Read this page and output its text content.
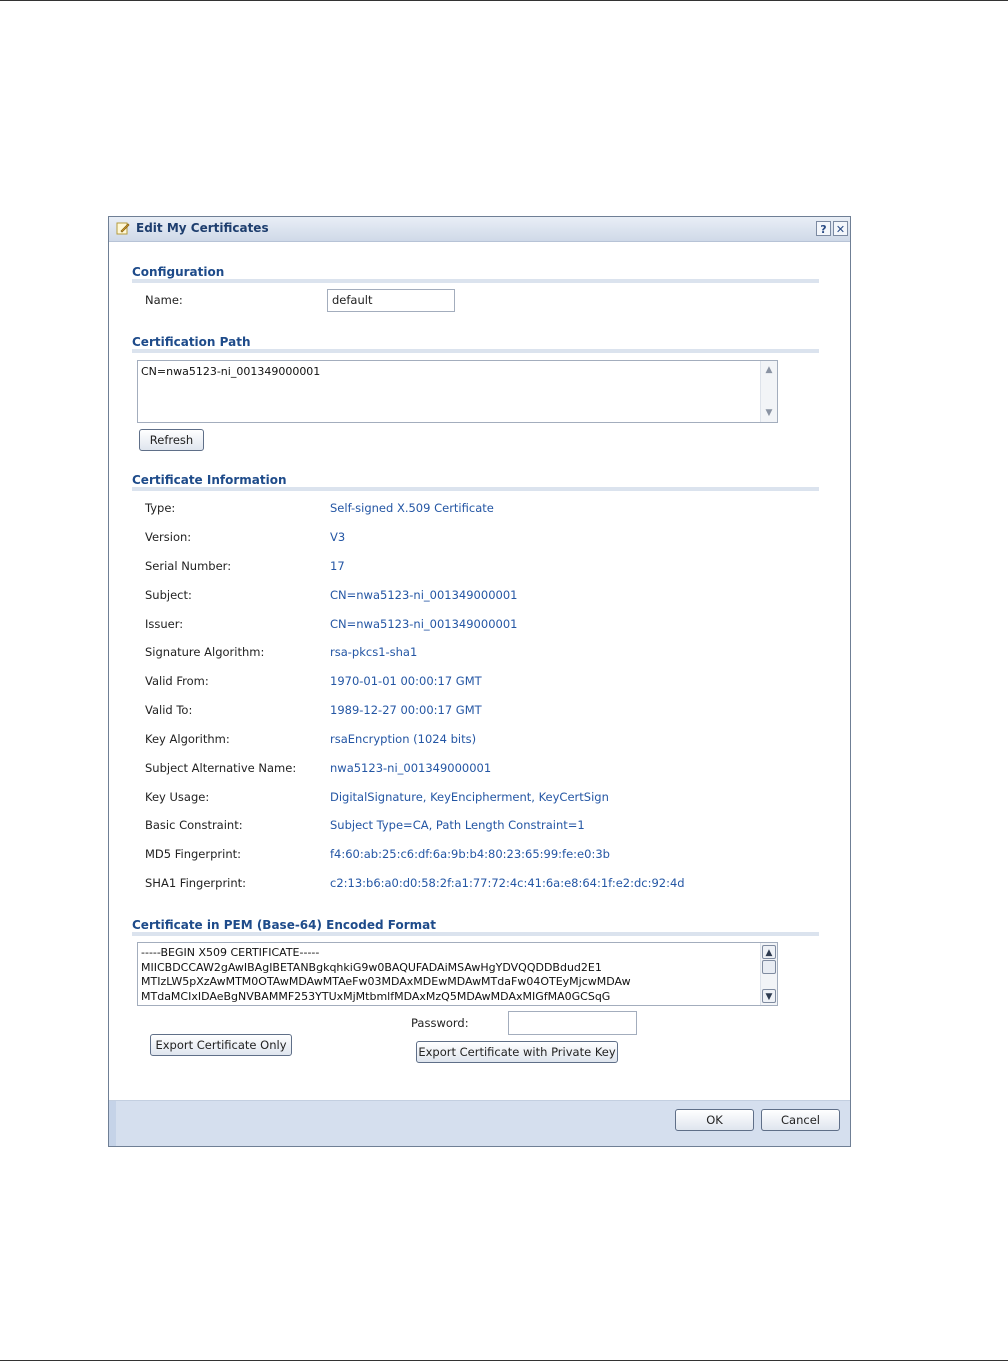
Edit My Certificates	? ✕
Configuration
Name:	default
Certification Path
CN=nwa5123-ni_001349000001	▲
▼
Refresh
Certificate Information
Type:	Self-signed X.509 Certificate
Version:	V3
Serial Number:	17
Subject:	CN=nwa5123-ni_001349000001
Issuer:	CN=nwa5123-ni_001349000001
Signature Algorithm:	rsa-pkcs1-sha1
Valid From:	1970-01-01 00:00:17 GMT
Valid To:	1989-12-27 00:00:17 GMT
Key Algorithm:	rsaEncryption (1024 bits)
Subject Alternative Name:	nwa5123-ni_001349000001
Key Usage:	DigitalSignature, KeyEncipherment, KeyCertSign
Basic Constraint:	Subject Type=CA, Path Length Constraint=1
MD5 Fingerprint:	f4:60:ab:25:c6:df:6a:9b:b4:80:23:65:99:fe:e0:3b
SHA1 Fingerprint:	c2:13:b6:a0:d0:58:2f:a1:77:72:4c:41:6a:e8:64:1f:e2:dc:92:4d
Certificate in PEM (Base-64) Encoded Format
-----BEGIN X509 CERTIFICATE-----
MIICBDCCAW2gAwIBAgIBETANBgkqhkiG9w0BAQUFADAiMSAwHgYDVQQDDBdud2E1
MTIzLW5pXzAwMTM0OTAwMDAwMTAeFw03MDAxMDEwMDAwMTdaFw04OTEyMjcwMDAw
MTdaMCIxIDAeBgNVBAMMF253YTUxMjMtbmlfMDAxMzQ5MDAwMDAxMIGfMA0GCSqG
▲
▼
Password:
Export Certificate Only	Export Certificate with Private Key
OK	Cancel
